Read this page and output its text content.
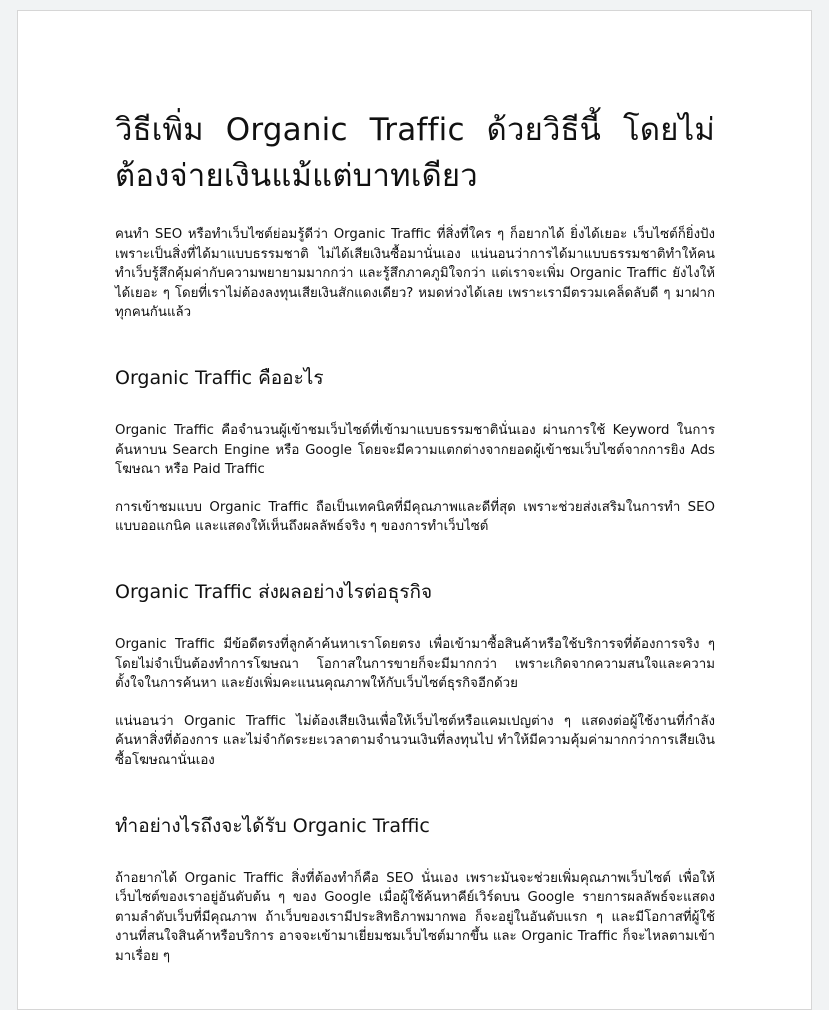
วิธีเพิ่ม Organic Traffic ด้วยวิธีนี้ โดยไม่ต้องจ่ายเงินแม้แต่บาทเดียว

คนทำ SEO หรือทำเว็บไซต์ย่อมรู้ดีว่า Organic Traffic ที่สิ่งที่ใคร ๆ ก็อยากได้ ยิ่งได้เยอะ เว็บไซต์ก็ยิ่งปัง เพราะเป็นสิ่งที่ได้มาแบบธรรมชาติ ไม่ได้เสียเงินซื้อมานั่นเอง แน่นอนว่าการได้มาแบบธรรมชาติทำให้คนทำเว็บรู้สึกคุ้มค่ากับความพยายามมากกว่า และรู้สึกภาคภูมิใจกว่า แต่เราจะเพิ่ม Organic Traffic ยังไงให้ได้เยอะ ๆ โดยที่เราไม่ต้องลงทุนเสียเงินสักแดงเดียว? หมดห่วงได้เลย เพราะเรามีตรวมเคล็ดลับดี ๆ มาฝากทุกคนกันแล้ว

Organic Traffic คืออะไร

Organic Traffic คือจำนวนผู้เข้าชมเว็บไซต์ที่เข้ามาแบบธรรมชาตินั่นเอง ผ่านการใช้ Keyword ในการค้นหาบน Search Engine หรือ Google โดยจะมีความแตกต่างจากยอดผู้เข้าชมเว็บไซต์จากการยิง Ads โฆษณา หรือ Paid Traffic

การเข้าชมแบบ Organic Traffic ถือเป็นเทคนิคที่มีคุณภาพและดีที่สุด เพราะช่วยส่งเสริมในการทำ SEO แบบออแกนิค และแสดงให้เห็นถึงผลลัพธ์จริง ๆ ของการทำเว็บไซต์

Organic Traffic ส่งผลอย่างไรต่อธุรกิจ

Organic Traffic มีข้อดีตรงที่ลูกค้าค้นหาเราโดยตรง เพื่อเข้ามาซื้อสินค้าหรือใช้บริการจที่ต้องการจริง ๆ โดยไม่จำเป็นต้องทำการโฆษณา โอกาสในการขายก็จะมีมากกว่า เพราะเกิดจากความสนใจและความตั้งใจในการค้นหา และยังเพิ่มคะแนนคุณภาพให้กับเว็บไซต์ธุรกิจอีกด้วย

แน่นอนว่า Organic Traffic ไม่ต้องเสียเงินเพื่อให้เว็บไซต์หรือแคมเปญต่าง ๆ แสดงต่อผู้ใช้งานที่กำลังค้นหาสิ่งที่ต้องการ และไม่จำกัดระยะเวลาตามจำนวนเงินที่ลงทุนไป ทำให้มีความคุ้มค่ามากกว่าการเสียเงินซื้อโฆษณานั่นเอง

ทำอย่างไรถึงจะได้รับ Organic Traffic

ถ้าอยากได้ Organic Traffic สิ่งที่ต้องทำก็คือ SEO นั่นเอง เพราะมันจะช่วยเพิ่มคุณภาพเว็บไซต์ เพื่อให้เว็บไซต์ของเราอยู่อันดับต้น ๆ ของ Google เมื่อผู้ใช้ค้นหาคีย์เวิร์ดบน Google รายการผลลัพธ์จะแสดงตามลำดับเว็บที่มีคุณภาพ ถ้าเว็บของเรามีประสิทธิภาพมากพอ ก็จะอยู่ในอันดับแรก ๆ และมีโอกาสที่ผู้ใช้งานที่สนใจสินค้าหรือบริการ อาจจะเข้ามาเยี่ยมชมเว็บไซต์มากขึ้น และ Organic Traffic ก็จะไหลตามเข้ามาเรื่อย ๆ
